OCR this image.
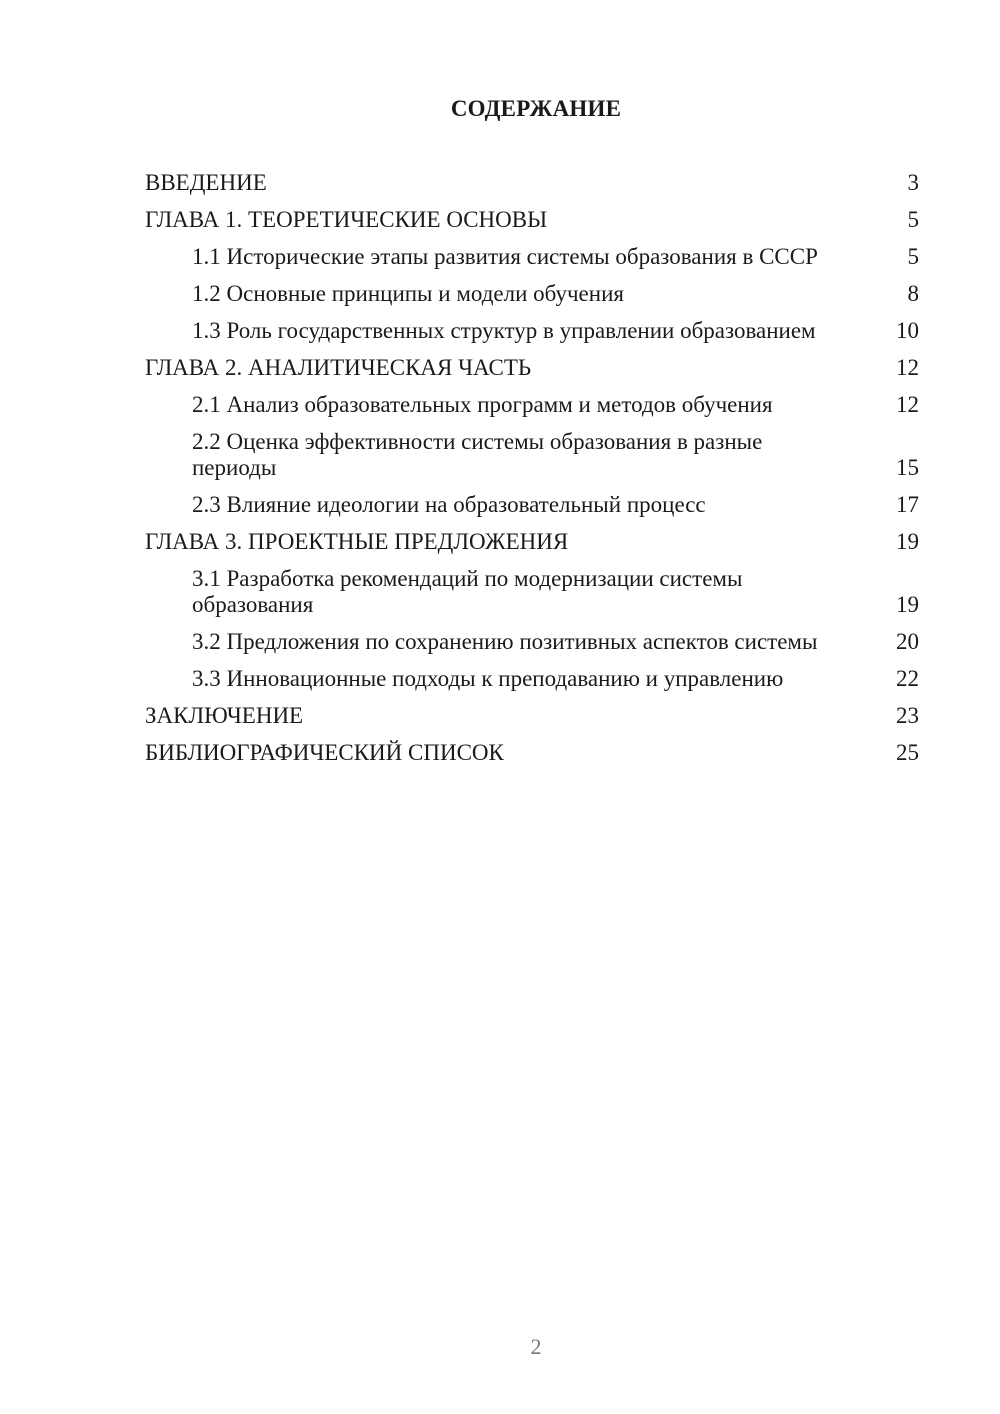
СОДЕРЖАНИЕ
ВВЕДЕНИЕ	3
ГЛАВА 1. ТЕОРЕТИЧЕСКИЕ ОСНОВЫ	5
1.1 Исторические этапы развития системы образования в СССР	5
1.2 Основные принципы и модели обучения	8
1.3 Роль государственных структур в управлении образованием	10
ГЛАВА 2. АНАЛИТИЧЕСКАЯ ЧАСТЬ	12
2.1 Анализ образовательных программ и методов обучения	12
2.2 Оценка эффективности системы образования в разные периоды	15
2.3 Влияние идеологии на образовательный процесс	17
ГЛАВА 3. ПРОЕКТНЫЕ ПРЕДЛОЖЕНИЯ	19
3.1 Разработка рекомендаций по модернизации системы образования	19
3.2 Предложения по сохранению позитивных аспектов системы	20
3.3 Инновационные подходы к преподаванию и управлению	22
ЗАКЛЮЧЕНИЕ	23
БИБЛИОГРАФИЧЕСКИЙ СПИСОК	25
2
